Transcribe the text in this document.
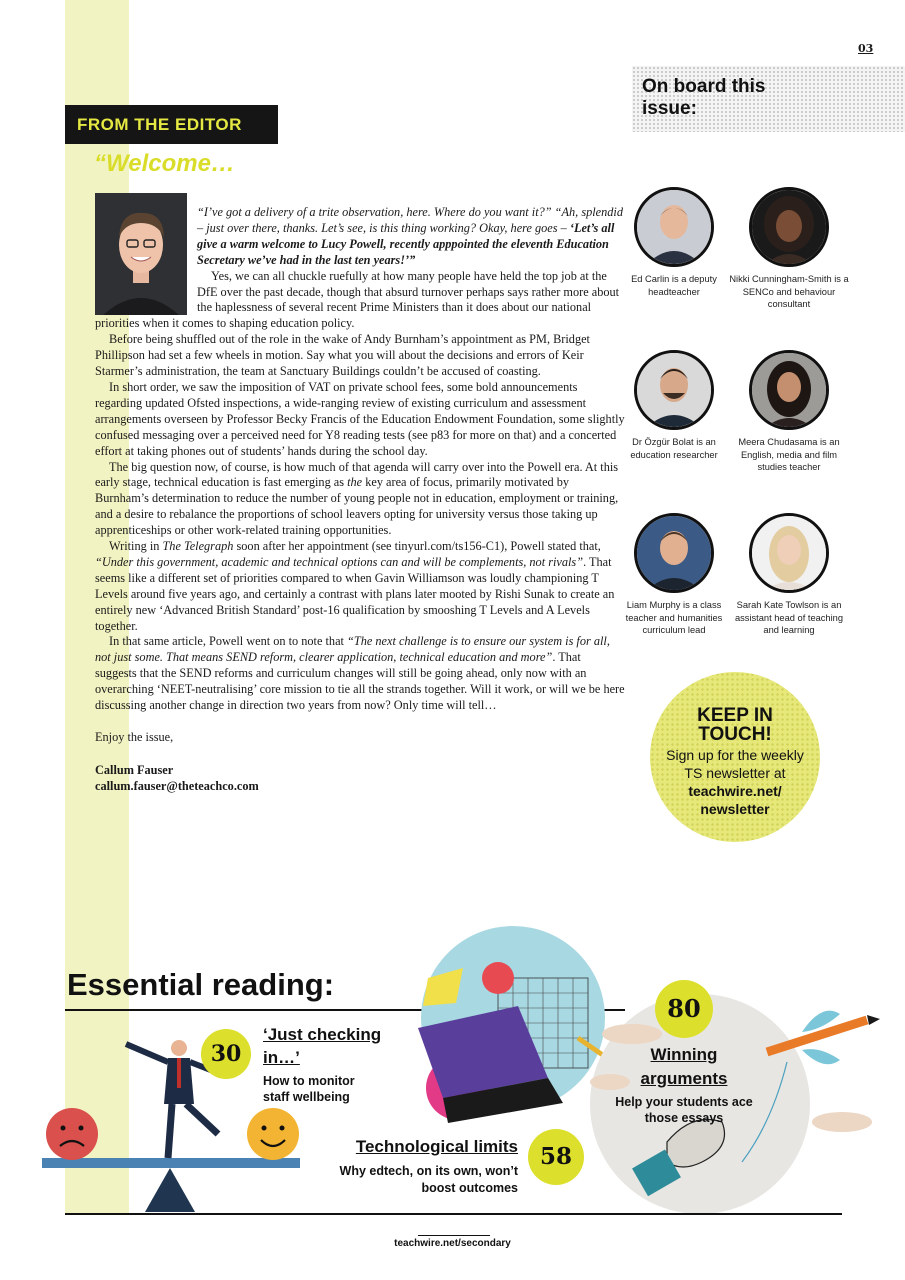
03
On board this issue:
FROM THE EDITOR
“Welcome…

“I’ve got a delivery of a trite observation, here. Where do you want it?” “Ah, splendid – just over there, thanks. Let’s see, is this thing working? Okay, here goes – ‘Let’s all give a warm welcome to Lucy Powell, recently apppointed the eleventh Education Secretary we’ve had in the last ten years!’”

Yes, we can all chuckle ruefully at how many people have held the top job at the DfE over the past decade, though that absurd turnover perhaps says rather more about the haplessness of several recent Prime Ministers than it does about our national priorities when it comes to shaping education policy.

Before being shuffled out of the role in the wake of Andy Burnham’s appointment as PM, Bridget Phillipson had set a few wheels in motion. Say what you will about the decisions and errors of Keir Starmer’s administration, the team at Sanctuary Buildings couldn’t be accused of coasting.

In short order, we saw the imposition of VAT on private school fees, some bold announcements regarding updated Ofsted inspections, a wide-ranging review of existing curriculum and assessment arrangements overseen by Professor Becky Francis of the Education Endowment Foundation, some slightly confused messaging over a perceived need for Y8 reading tests (see p83 for more on that) and a concerted effort at taking phones out of students’ hands during the school day.

The big question now, of course, is how much of that agenda will carry over into the Powell era. At this early stage, technical education is fast emerging as the key area of focus, primarily motivated by Burnham’s determination to reduce the number of young people not in education, employment or training, and a desire to rebalance the proportions of school leavers opting for university versus those taking up apprenticeships or other work-related training opportunities.

Writing in The Telegraph soon after her appointment (see tinyurl.com/ts156-C1), Powell stated that, “Under this government, academic and technical options can and will be complements, not rivals”. That seems like a different set of priorities compared to when Gavin Williamson was loudly championing T Levels around five years ago, and certainly a contrast with plans later mooted by Rishi Sunak to create an entirely new ‘Advanced British Standard’ post-16 qualification by smooshing T Levels and A Levels together.

In that same article, Powell went on to note that “The next challenge is to ensure our system is for all, not just some. That means SEND reform, clearer application, technical education and more”. That suggests that the SEND reforms and curriculum changes will still be going ahead, only now with an overarching ‘NEET-neutralising’ core mission to tie all the strands together. Will it work, or will we be here discussing another change in direction two years from now? Only time will tell…

Enjoy the issue,

Callum Fauser
callum.fauser@theteachco.com

Ed Carlin is a deputy headteacher
Nikki Cunningham-Smith is a SENCo and behaviour consultant
Dr Özgür Bolat is an education researcher
Meera Chudasama is an English, media and film studies teacher
Liam Murphy is a class teacher and humanities curriculum lead
Sarah Kate Towlson is an assistant head of teaching and learning
KEEP IN TOUCH!
Sign up for the weekly TS newsletter at teachwire.net/ newsletter
Essential reading:
30
‘Just checking in…’
How to monitor staff wellbeing
58
Technological limits
Why edtech, on its own, won’t boost outcomes
80
Winning arguments
Help your students ace those essays
teachwire.net/secondary
